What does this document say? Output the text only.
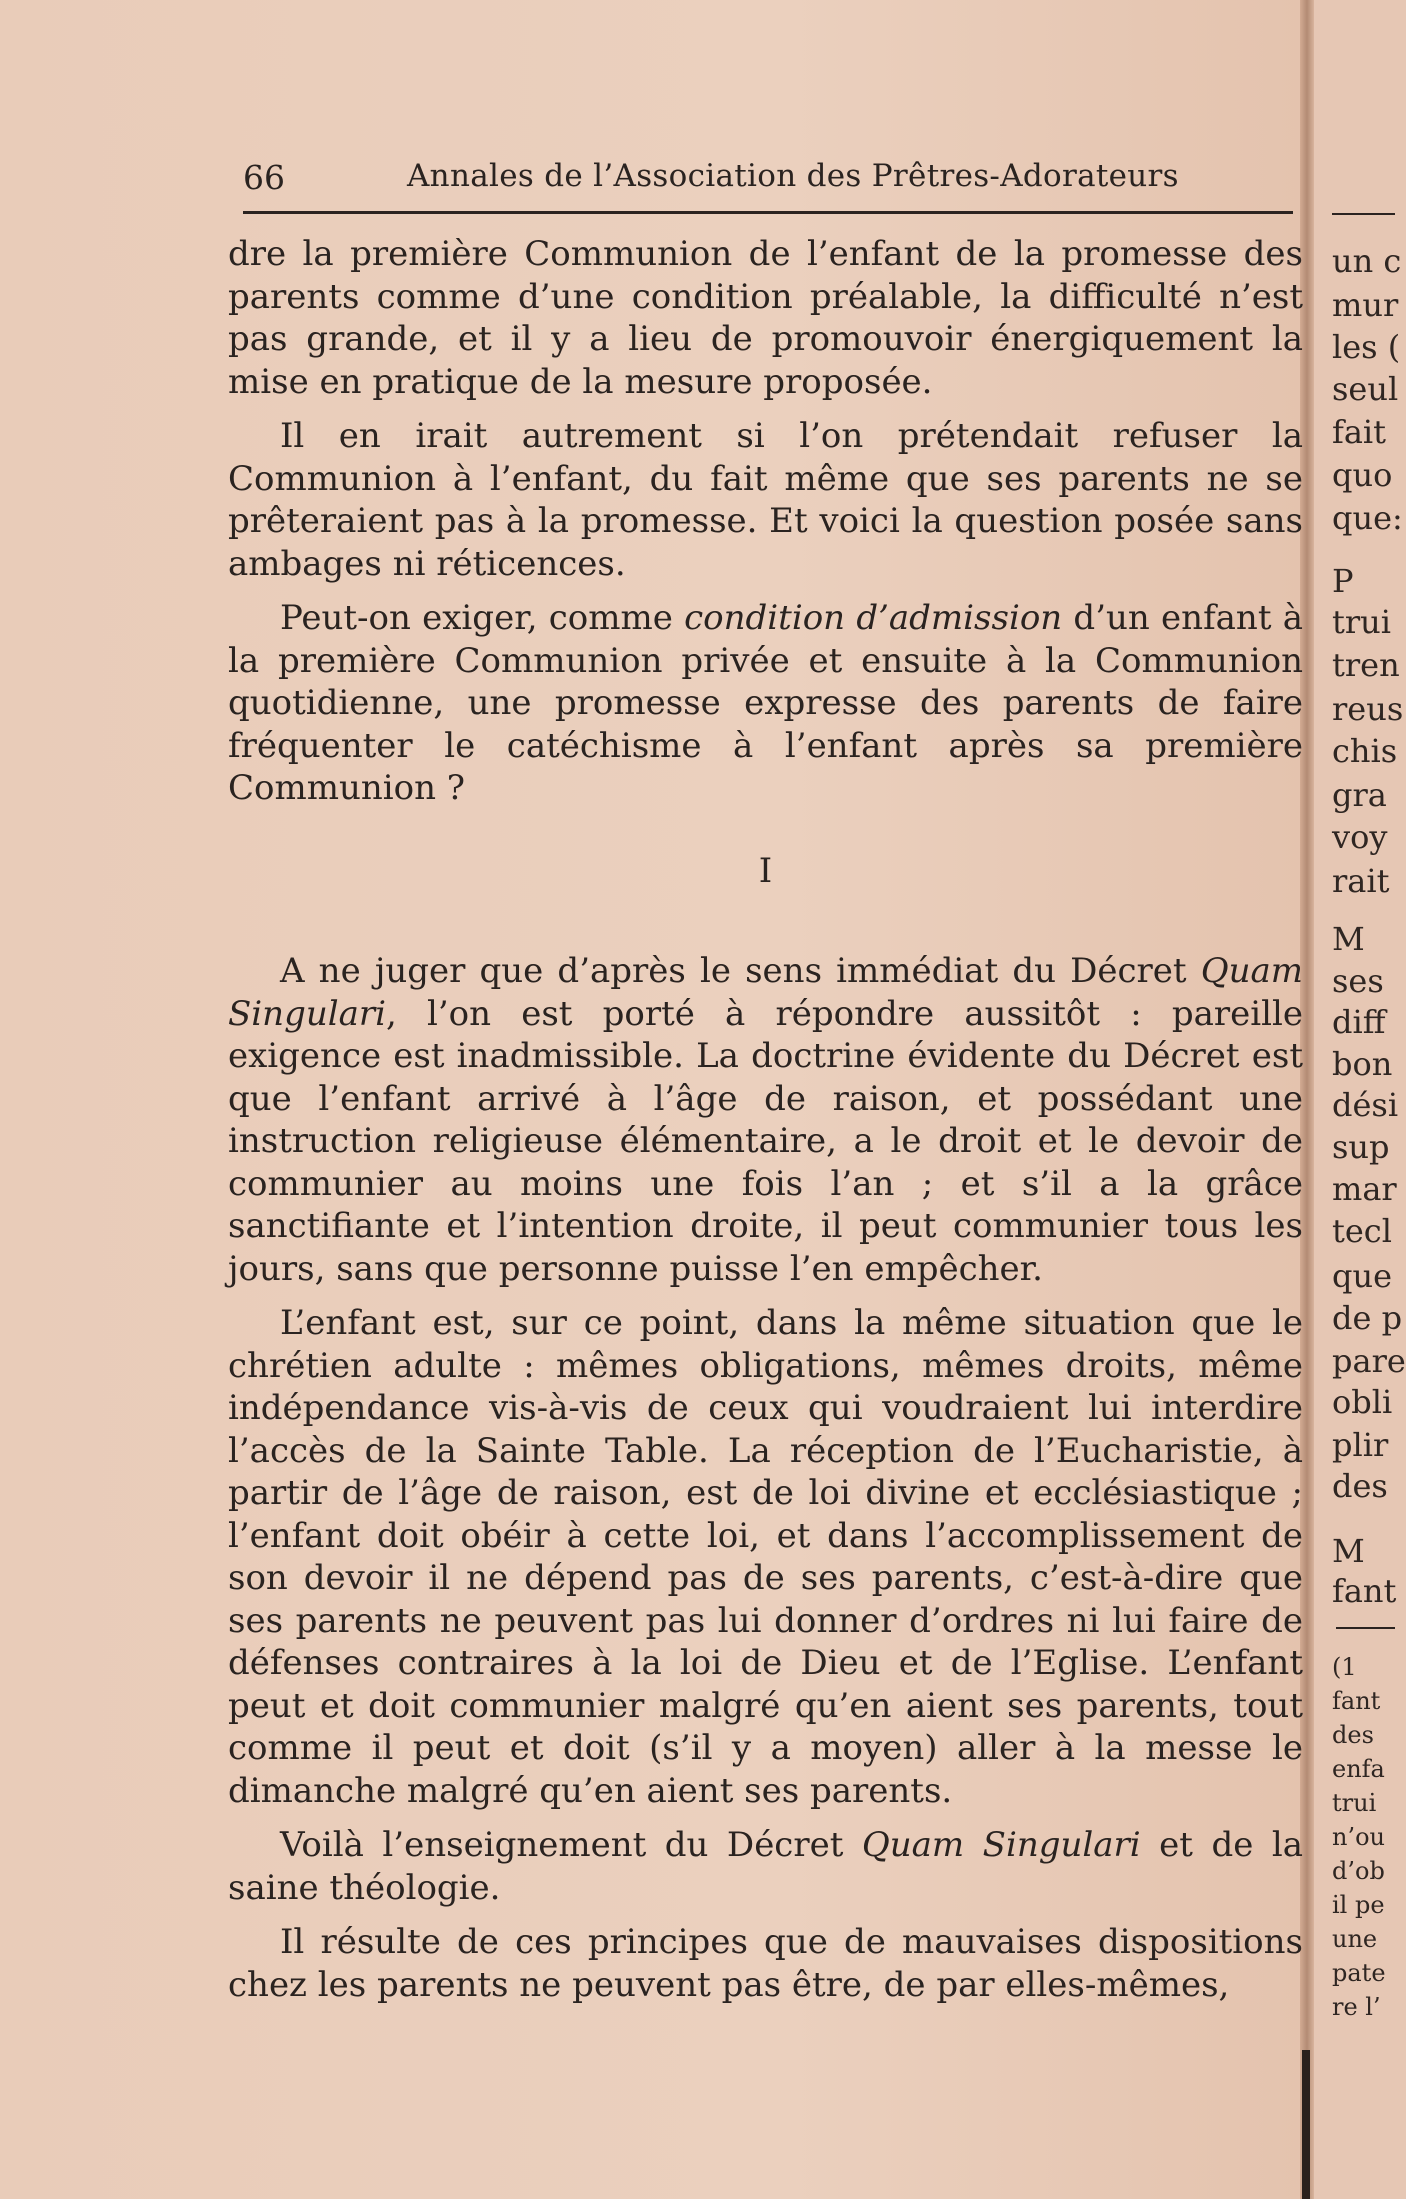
66	Annales de l’Association des Prêtres-Adorateurs

dre la première Communion de l’enfant de la promesse des parents comme d’une condition préalable, la difficulté n’est pas grande, et il y a lieu de promouvoir énergiquement la mise en pratique de la mesure proposée.

Il en irait autrement si l’on prétendait refuser la Communion à l’enfant, du fait même que ses parents ne se prêteraient pas à la promesse. Et voici la question posée sans ambages ni réticences.

Peut-on exiger, comme condition d’admission d’un enfant à la première Communion privée et ensuite à la Communion quotidienne, une promesse expresse des parents de faire fréquenter le catéchisme à l’enfant après sa première Communion ?

I

A ne juger que d’après le sens immédiat du Décret Quam Singulari, l’on est porté à répondre aussitôt : pareille exigence est inadmissible. La doctrine évidente du Décret est que l’enfant arrivé à l’âge de raison, et possédant une instruction religieuse élémentaire, a le droit et le devoir de communier au moins une fois l’an ; et s’il a la grâce sanctifiante et l’intention droite, il peut communier tous les jours, sans que personne puisse l’en empêcher.

L’enfant est, sur ce point, dans la même situation que le chrétien adulte : mêmes obligations, mêmes droits, même indépendance vis-à-vis de ceux qui voudraient lui interdire l’accès de la Sainte Table. La réception de l’Eucharistie, à partir de l’âge de raison, est de loi divine et ecclésiastique ; l’enfant doit obéir à cette loi, et dans l’accomplissement de son devoir il ne dépend pas de ses parents, c’est-à-dire que ses parents ne peuvent pas lui donner d’ordres ni lui faire de défenses contraires à la loi de Dieu et de l’Eglise. L’enfant peut et doit communier malgré qu’en aient ses parents, tout comme il peut et doit (s’il y a moyen) aller à la messe le dimanche malgré qu’en aient ses parents.

Voilà l’enseignement du Décret Quam Singulari et de la saine théologie.

Il résulte de ces principes que de mauvaises dispositions chez les parents ne peuvent pas être, de par elles-mêmes,

un c
mur
les (
seul
fait
quo
que:
P
trui
tren
reus
chis
gra
voy
rait
M
ses
diff
bon
dési
sup
mar
tecl
que
de p
pare
obli
plir
des
M
fant
(1
fant
des
enfa
trui
n’ou
d’ob
il pe
une
pate
re l’
